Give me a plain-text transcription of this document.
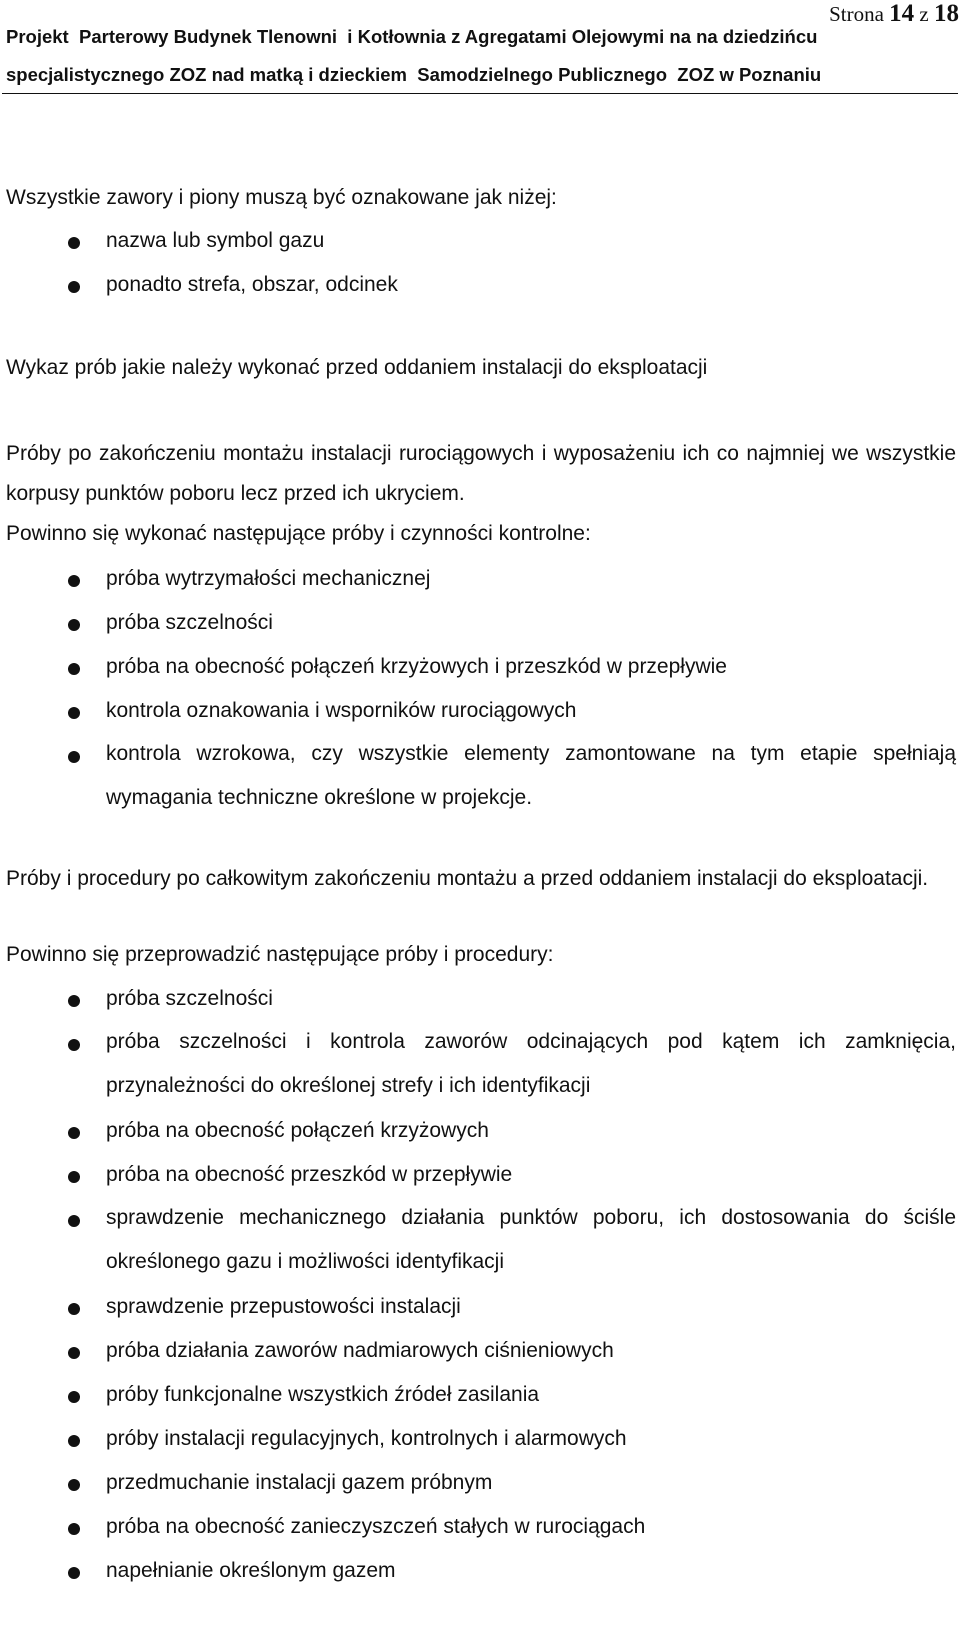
Strona 14 z 18
Projekt  Parterowy Budynek Tlenowni  i Kotłownia z Agregatami Olejowymi na na dziedzińcu
specjalistycznego ZOZ nad matką i dzieckiem  Samodzielnego Publicznego  ZOZ w Poznaniu
Wszystkie zawory i piony muszą być oznakowane jak niżej:
nazwa lub symbol gazu
ponadto strefa, obszar, odcinek
Wykaz prób jakie należy wykonać przed oddaniem instalacji do eksploatacji
Próby po zakończeniu montażu instalacji rurociągowych i wyposażeniu ich co najmniej we wszystkie korpusy punktów poboru lecz przed ich ukryciem.
Powinno się wykonać następujące próby i czynności kontrolne:
próba wytrzymałości mechanicznej
próba szczelności
próba na obecność połączeń krzyżowych i przeszkód w przepływie
kontrola oznakowania i wsporników rurociągowych
kontrola wzrokowa, czy wszystkie elementy zamontowane na tym etapie spełniają wymagania techniczne określone w projekcje.
Próby i procedury po całkowitym zakończeniu montażu a przed oddaniem instalacji do eksploatacji.
Powinno się przeprowadzić następujące próby i procedury:
próba szczelności
próba szczelności i kontrola zaworów odcinających pod kątem ich zamknięcia, przynależności do określonej strefy i ich identyfikacji
próba na obecność połączeń krzyżowych
próba na obecność przeszkód w przepływie
sprawdzenie mechanicznego działania punktów poboru, ich dostosowania do ściśle określonego gazu i możliwości identyfikacji
sprawdzenie przepustowości instalacji
próba działania zaworów nadmiarowych ciśnieniowych
próby funkcjonalne wszystkich źródeł zasilania
próby instalacji regulacyjnych, kontrolnych i alarmowych
przedmuchanie instalacji gazem próbnym
próba na obecność zanieczyszczeń stałych w rurociągach
napełnianie określonym gazem
